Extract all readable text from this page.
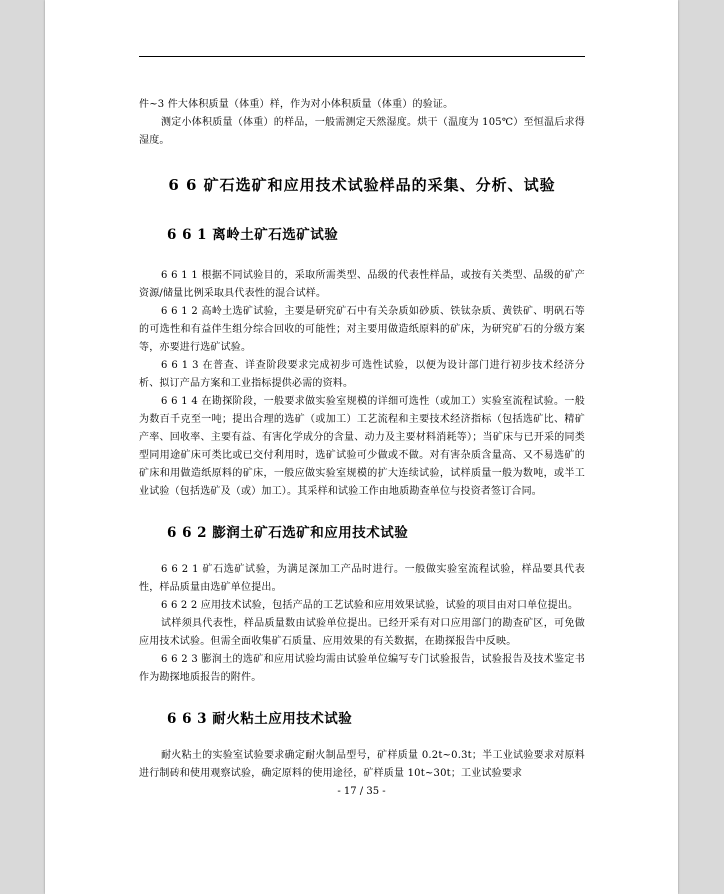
件~3 件大体积质量（体重）样，作为对小体积质量（体重）的验证。

测定小体积质量（体重）的样品，一般需测定天然湿度。烘干（温度为 105℃）至恒温后求得湿度。

6 6 矿石选矿和应用技术试验样品的采集、分析、试验
6 6 1 离岭土矿石选矿试验

6 6 1 1 根据不同试验目的，采取所需类型、品级的代表性样品，或按有关类型、品级的矿产资源/储量比例采取具代表性的混合试样。

6 6 1 2 高岭土选矿试验，主要是研究矿石中有关杂质如砂质、铁钛杂质、黄铁矿、明矾石等的可选性和有益伴生组分综合回收的可能性；对主要用做造纸原料的矿床，为研究矿石的分级方案等，亦要进行选矿试验。

6 6 1 3 在普查、详查阶段要求完成初步可选性试验，以便为设计部门进行初步技术经济分析、拟订产品方案和工业指标提供必需的资料。

6 6 1 4 在勘探阶段，一般要求做实验室规模的详细可选性（或加工）实验室流程试验。一般为数百千克至一吨；提出合理的选矿（或加工）工艺流程和主要技术经济指标（包括选矿比、精矿产率、回收率、主要有益、有害化学成分的含量、动力及主要材料消耗等）；当矿床与已开采的同类型同用途矿床可类比或已交付利用时，选矿试验可少做或不做。对有害杂质含量高、又不易选矿的矿床和用做造纸原料的矿床，一般应做实验室规模的扩大连续试验，试样质量一般为数吨，或半工业试验（包括选矿及（或）加工）。其采样和试验工作由地质勘查单位与投资者签订合同。

6 6 2 膨润土矿石选矿和应用技术试验

6 6 2 1 矿石选矿试验，为满足深加工产品时进行。一般做实验室流程试验，样品要具代表性，样品质量由选矿单位提出。

6 6 2 2 应用技术试验，包括产品的工艺试验和应用效果试验，试验的项目由对口单位提出。

试样须具代表性，样品质量数由试验单位提出。已经开采有对口应用部门的勘查矿区，可免做应用技术试验。但需全面收集矿石质量、应用效果的有关数据，在勘探报告中反映。

6 6 2 3 膨润土的选矿和应用试验均需由试验单位编写专门试验报告，试验报告及技术鉴定书作为勘探地质报告的附件。

6 6 3 耐火粘土应用技术试验

耐火粘土的实验室试验要求确定耐火制品型号，矿样质量 0.2t~0.3t；半工业试验要求对原料进行制砖和使用观察试验，确定原料的使用途径，矿样质量 10t~30t；工业试验要求

- 17 / 35 -
